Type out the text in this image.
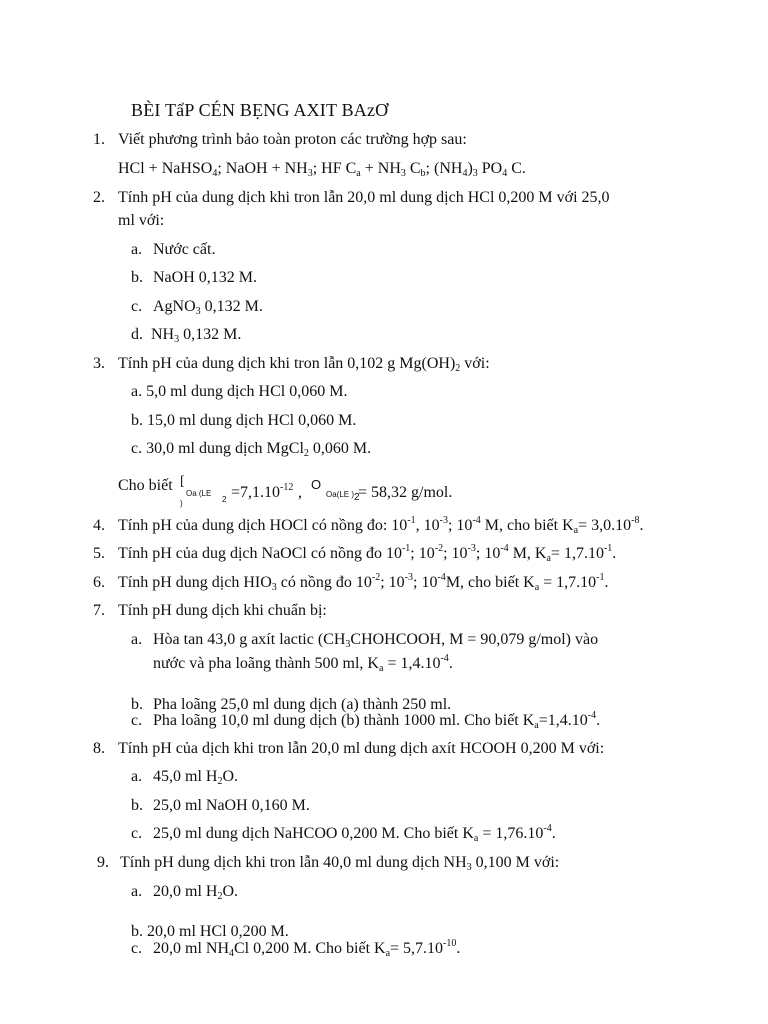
BÈI TẩP CÉN BẸNG AXIT BAzƠ
1. Viết phương trình bảo toàn proton các trường hợp sau:
HCl + NaHSO$_4$; NaOH + $NH_3$; HF $C_a + NH_3$ $C_b$; $(NH_4)_3$ $PO_4$ C.
2. Tính pH của dung dịch khi tron lẫn 20,0 ml dung dịch HCl 0,200 M với 25,0
ml với:
a. Nước cất.
b. NaOH 0,132 M.
c. AgNO$_3$ 0,132 M.
d. $NH_3$ 0,132 M.
3. Tính pH của dung dịch khi tron lẫn 0,102 g $Mg(OH)_2$ với:
a. 5,0 ml dung dịch HCl 0,060 M.
b. 15,0 ml dung dịch HCl 0,060 M.
c. 30,0 ml dung dịch MgCl$_2$ 0,060 M.
Cho biết [
Oa (LE
)	$2 =7,1.10^{-12}$ , O
Oa(LE )$_2$
= 58,32 g/mol.
4. Tính pH của dung dịch HOCl có nồng đo: $10^{-1}$, $10^{-3}$; $10^{-4}$ M, cho biết $K_a= 3,0.10^{-8}$.
5. Tính pH của dug dịch NaOCl có nồng đo $10^{-1}$; $10^{-2}$; $10^{-3}$; $10^{-4}$ M, $K_a= 1,7.10^{-1}$.
6. Tính pH dung dịch $HIO_3$ có nồng đo $10^{-2}$; $10^{-3}$; $10^{-4}M$, cho biết $K_a = 1,7.10^{-1}$.
7. Tính pH dung dịch khi chuẩn bị:
a. Hòa tan 43,0 g axít lactic ($CH_3CHOHCOOH$, M = 90,079 g/mol) vào
nước và pha loãng thành 500 ml, $K_a = 1,4.10^{-4}$.
b. Pha loãng 25,0 ml dung dịch (a) thành 250 ml.
c. Pha loãng 10,0 ml dung dịch (b) thành 1000 ml. Cho biết $K_a=1,4.10^{-4}$.
8. Tính pH của dịch khi tron lẫn 20,0 ml dung dịch axít HCOOH 0,200 M với:
a. 45,0 ml $H_2O$.
b. 25,0 ml NaOH 0,160 M.
c. 25,0 ml dung dịch NaHCOO 0,200 M. Cho biết $K_a = 1,76.10^{-4}$.
9. Tính pH dung dịch khi tron lẫn 40,0 ml dung dịch $NH_3$ 0,100 M với:
a. 20,0 ml $H_2O$.
b. 20,0 ml HCl 0,200 M.
c. 20,0 ml $NH_4Cl$ 0,200 M. Cho biết $K_a= 5,7.10^{-10}$.
